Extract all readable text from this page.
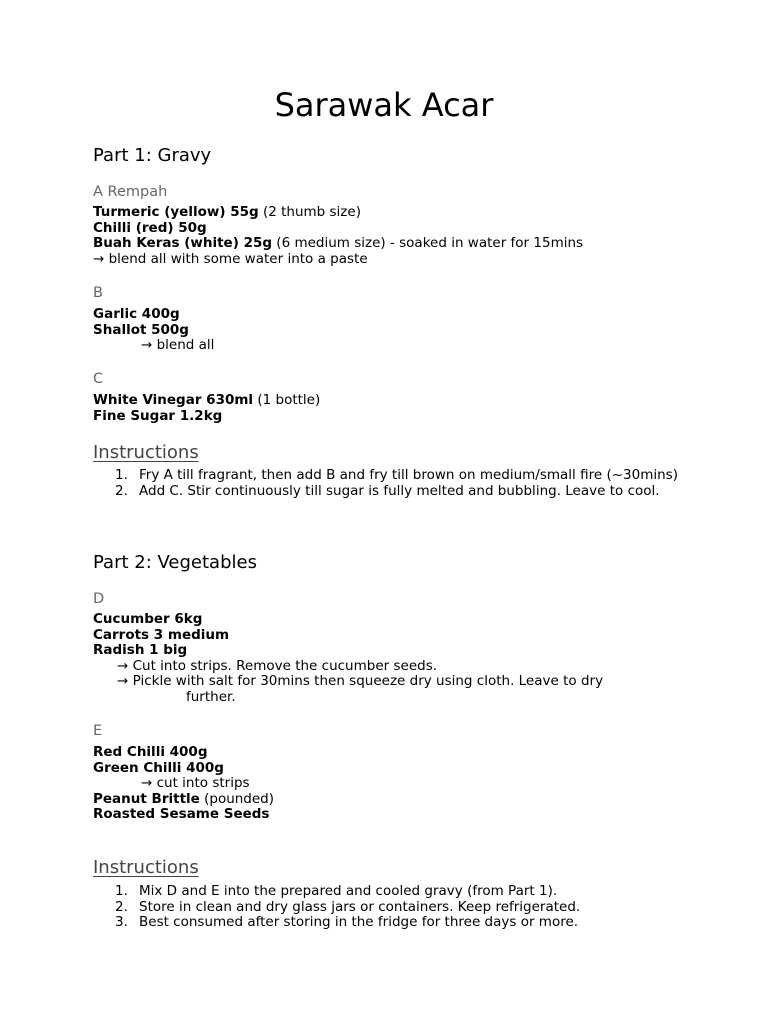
Sarawak Acar
Part 1: Gravy
A Rempah
Turmeric (yellow) 55g (2 thumb size)
Chilli (red) 50g
Buah Keras (white) 25g (6 medium size) - soaked in water for 15mins
→ blend all with some water into a paste
B
Garlic 400g
Shallot 500g
→ blend all
C
White Vinegar 630ml (1 bottle)
Fine Sugar 1.2kg
Instructions
1. Fry A till fragrant, then add B and fry till brown on medium/small fire (~30mins)
2. Add C. Stir continuously till sugar is fully melted and bubbling. Leave to cool.
Part 2: Vegetables
D
Cucumber 6kg
Carrots 3 medium
Radish 1 big
→ Cut into strips. Remove the cucumber seeds.
→ Pickle with salt for 30mins then squeeze dry using cloth. Leave to dry
further.
E
Red Chilli 400g
Green Chilli 400g
→ cut into strips
Peanut Brittle (pounded)
Roasted Sesame Seeds
Instructions
1. Mix D and E into the prepared and cooled gravy (from Part 1).
2. Store in clean and dry glass jars or containers. Keep refrigerated.
3. Best consumed after storing in the fridge for three days or more.
